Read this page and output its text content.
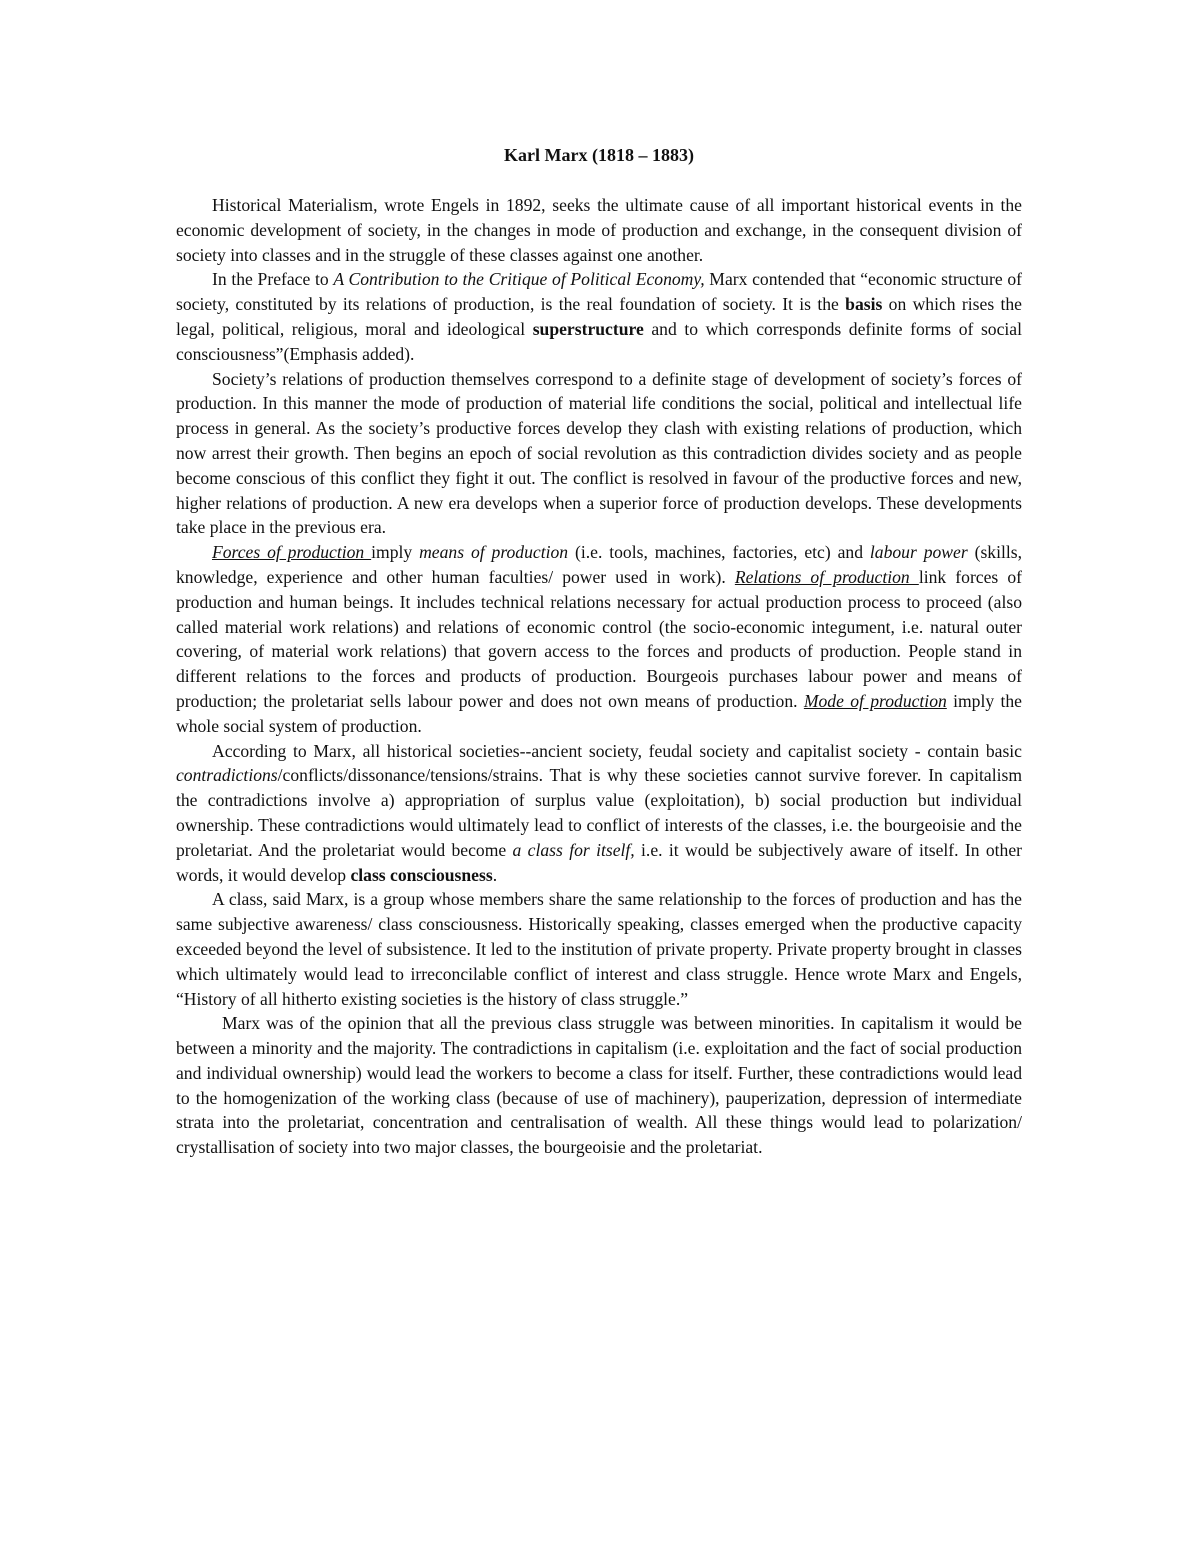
Karl Marx (1818 – 1883)

Historical Materialism, wrote Engels in 1892, seeks the ultimate cause of all important historical events in the economic development of society, in the changes in mode of production and exchange, in the consequent division of society into classes and in the struggle of these classes against one another.

In the Preface to A Contribution to the Critique of Political Economy, Marx contended that “economic structure of society, constituted by its relations of production, is the real foundation of society. It is the basis on which rises the legal, political, religious, moral and ideological superstructure and to which corresponds definite forms of social consciousness”(Emphasis added).

Society’s relations of production themselves correspond to a definite stage of development of society’s forces of production. In this manner the mode of production of material life conditions the social, political and intellectual life process in general. As the society’s productive forces develop they clash with existing relations of production, which now arrest their growth. Then begins an epoch of social revolution as this contradiction divides society and as people become conscious of this conflict they fight it out. The conflict is resolved in favour of the productive forces and new, higher relations of production. A new era develops when a superior force of production develops. These developments take place in the previous era.

Forces of production imply means of production (i.e. tools, machines, factories, etc) and labour power (skills, knowledge, experience and other human faculties/ power used in work). Relations of production link forces of production and human beings. It includes technical relations necessary for actual production process to proceed (also called material work relations) and relations of economic control (the socio-economic integument, i.e. natural outer covering, of material work relations) that govern access to the forces and products of production. People stand in different relations to the forces and products of production. Bourgeois purchases labour power and means of production; the proletariat sells labour power and does not own means of production. Mode of production imply the whole social system of production.

According to Marx, all historical societies--ancient society, feudal society and capitalist society - contain basic contradictions/conflicts/dissonance/tensions/strains. That is why these societies cannot survive forever. In capitalism the contradictions involve a) appropriation of surplus value (exploitation), b) social production but individual ownership. These contradictions would ultimately lead to conflict of interests of the classes, i.e. the bourgeoisie and the proletariat. And the proletariat would become a class for itself, i.e. it would be subjectively aware of itself. In other words, it would develop class consciousness.

A class, said Marx, is a group whose members share the same relationship to the forces of production and has the same subjective awareness/ class consciousness. Historically speaking, classes emerged when the productive capacity exceeded beyond the level of subsistence. It led to the institution of private property. Private property brought in classes which ultimately would lead to irreconcilable conflict of interest and class struggle. Hence wrote Marx and Engels, “History of all hitherto existing societies is the history of class struggle.”

Marx was of the opinion that all the previous class struggle was between minorities. In capitalism it would be between a minority and the majority. The contradictions in capitalism (i.e. exploitation and the fact of social production and individual ownership) would lead the workers to become a class for itself. Further, these contradictions would lead to the homogenization of the working class (because of use of machinery), pauperization, depression of intermediate strata into the proletariat, concentration and centralisation of wealth. All these things would lead to polarization/ crystallisation of society into two major classes, the bourgeoisie and the proletariat.
